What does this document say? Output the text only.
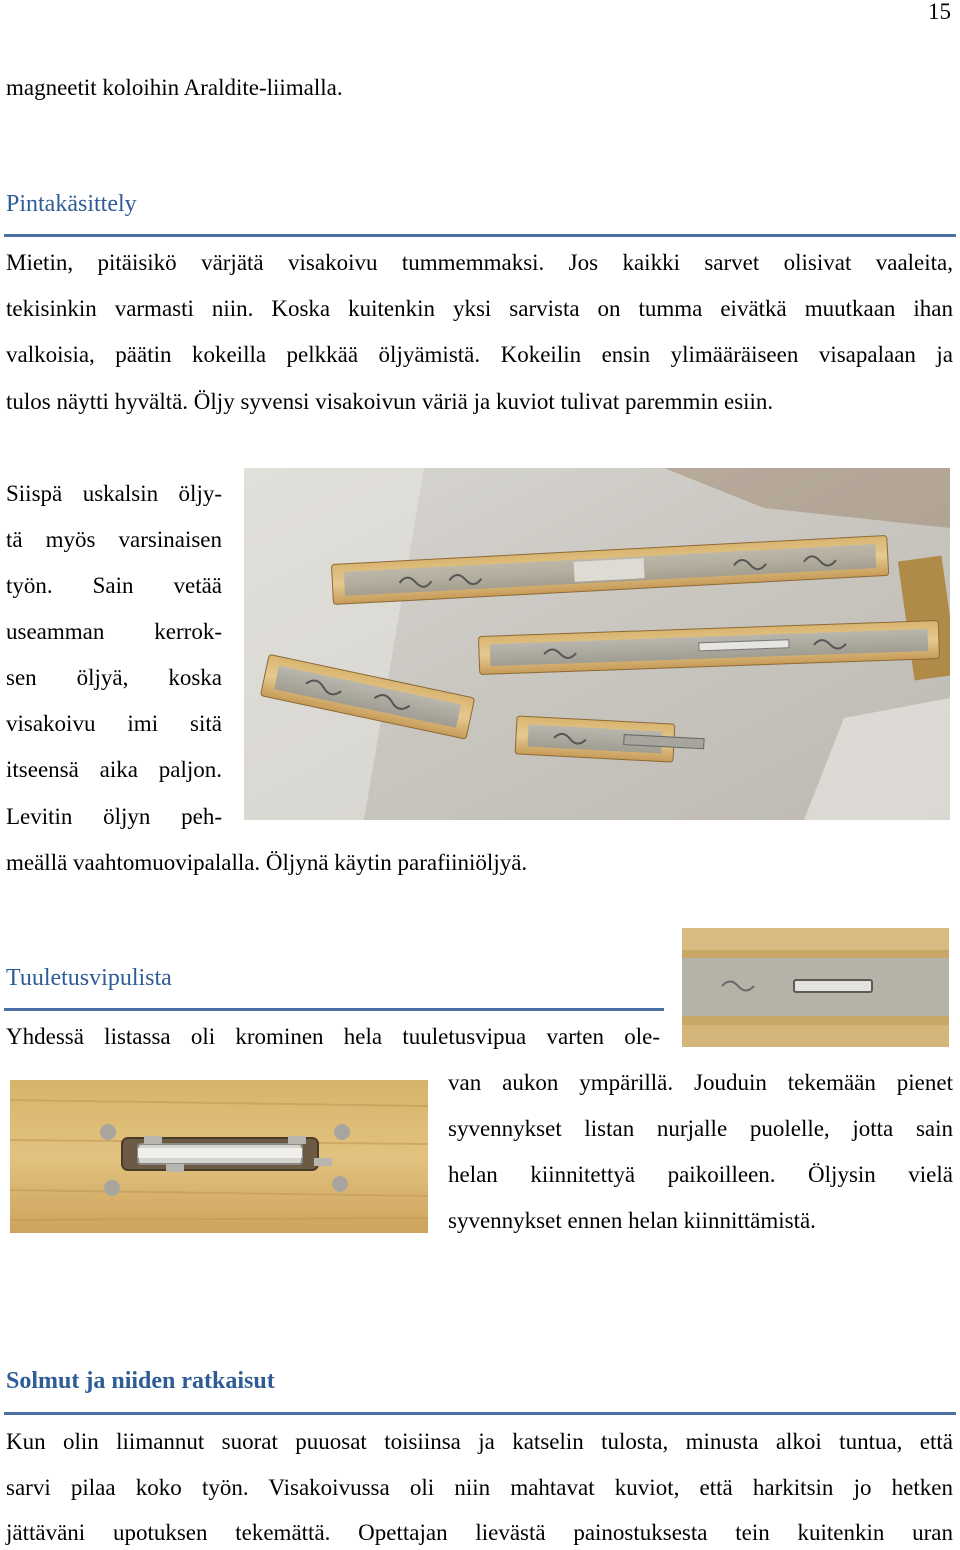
15
magneetit koloihin Araldite-liimalla.
Pintakäsittely
Mietin, pitäisikö värjätä visakoivu tummemmaksi. Jos kaikki sarvet olisivat vaaleita,
tekisinkin varmasti niin. Koska kuitenkin yksi sarvista on tumma eivätkä muutkaan ihan
valkoisia, päätin kokeilla pelkkää öljyämistä. Kokeilin ensin ylimääräiseen visapalaan ja
tulos näytti hyvältä. Öljy syvensi visakoivun väriä ja kuviot tulivat paremmin esiin.
Siispä uskalsin öljy-
tä myös varsinaisen
työn. Sain vetää
useamman kerrok-
sen öljyä, koska
visakoivu imi sitä
itseensä aika paljon.
Levitin öljyn peh-
meällä vaahtomuovipalalla. Öljynä käytin parafiiniöljyä.
Tuuletusvipulista
Yhdessä listassa oli krominen hela tuuletusvipua varten ole-
van aukon ympärillä. Jouduin tekemään pienet
syvennykset listan nurjalle puolelle, jotta sain
helan kiinnitettyä paikoilleen. Öljysin vielä
syvennykset ennen helan kiinnittämistä.
Solmut ja niiden ratkaisut
Kun olin liimannut suorat puuosat toisiinsa ja katselin tulosta, minusta alkoi tuntua, että
sarvi pilaa koko työn. Visakoivussa oli niin mahtavat kuviot, että harkitsin jo hetken
jättäväni upotuksen tekemättä. Opettajan lievästä painostuksesta tein kuitenkin uran
